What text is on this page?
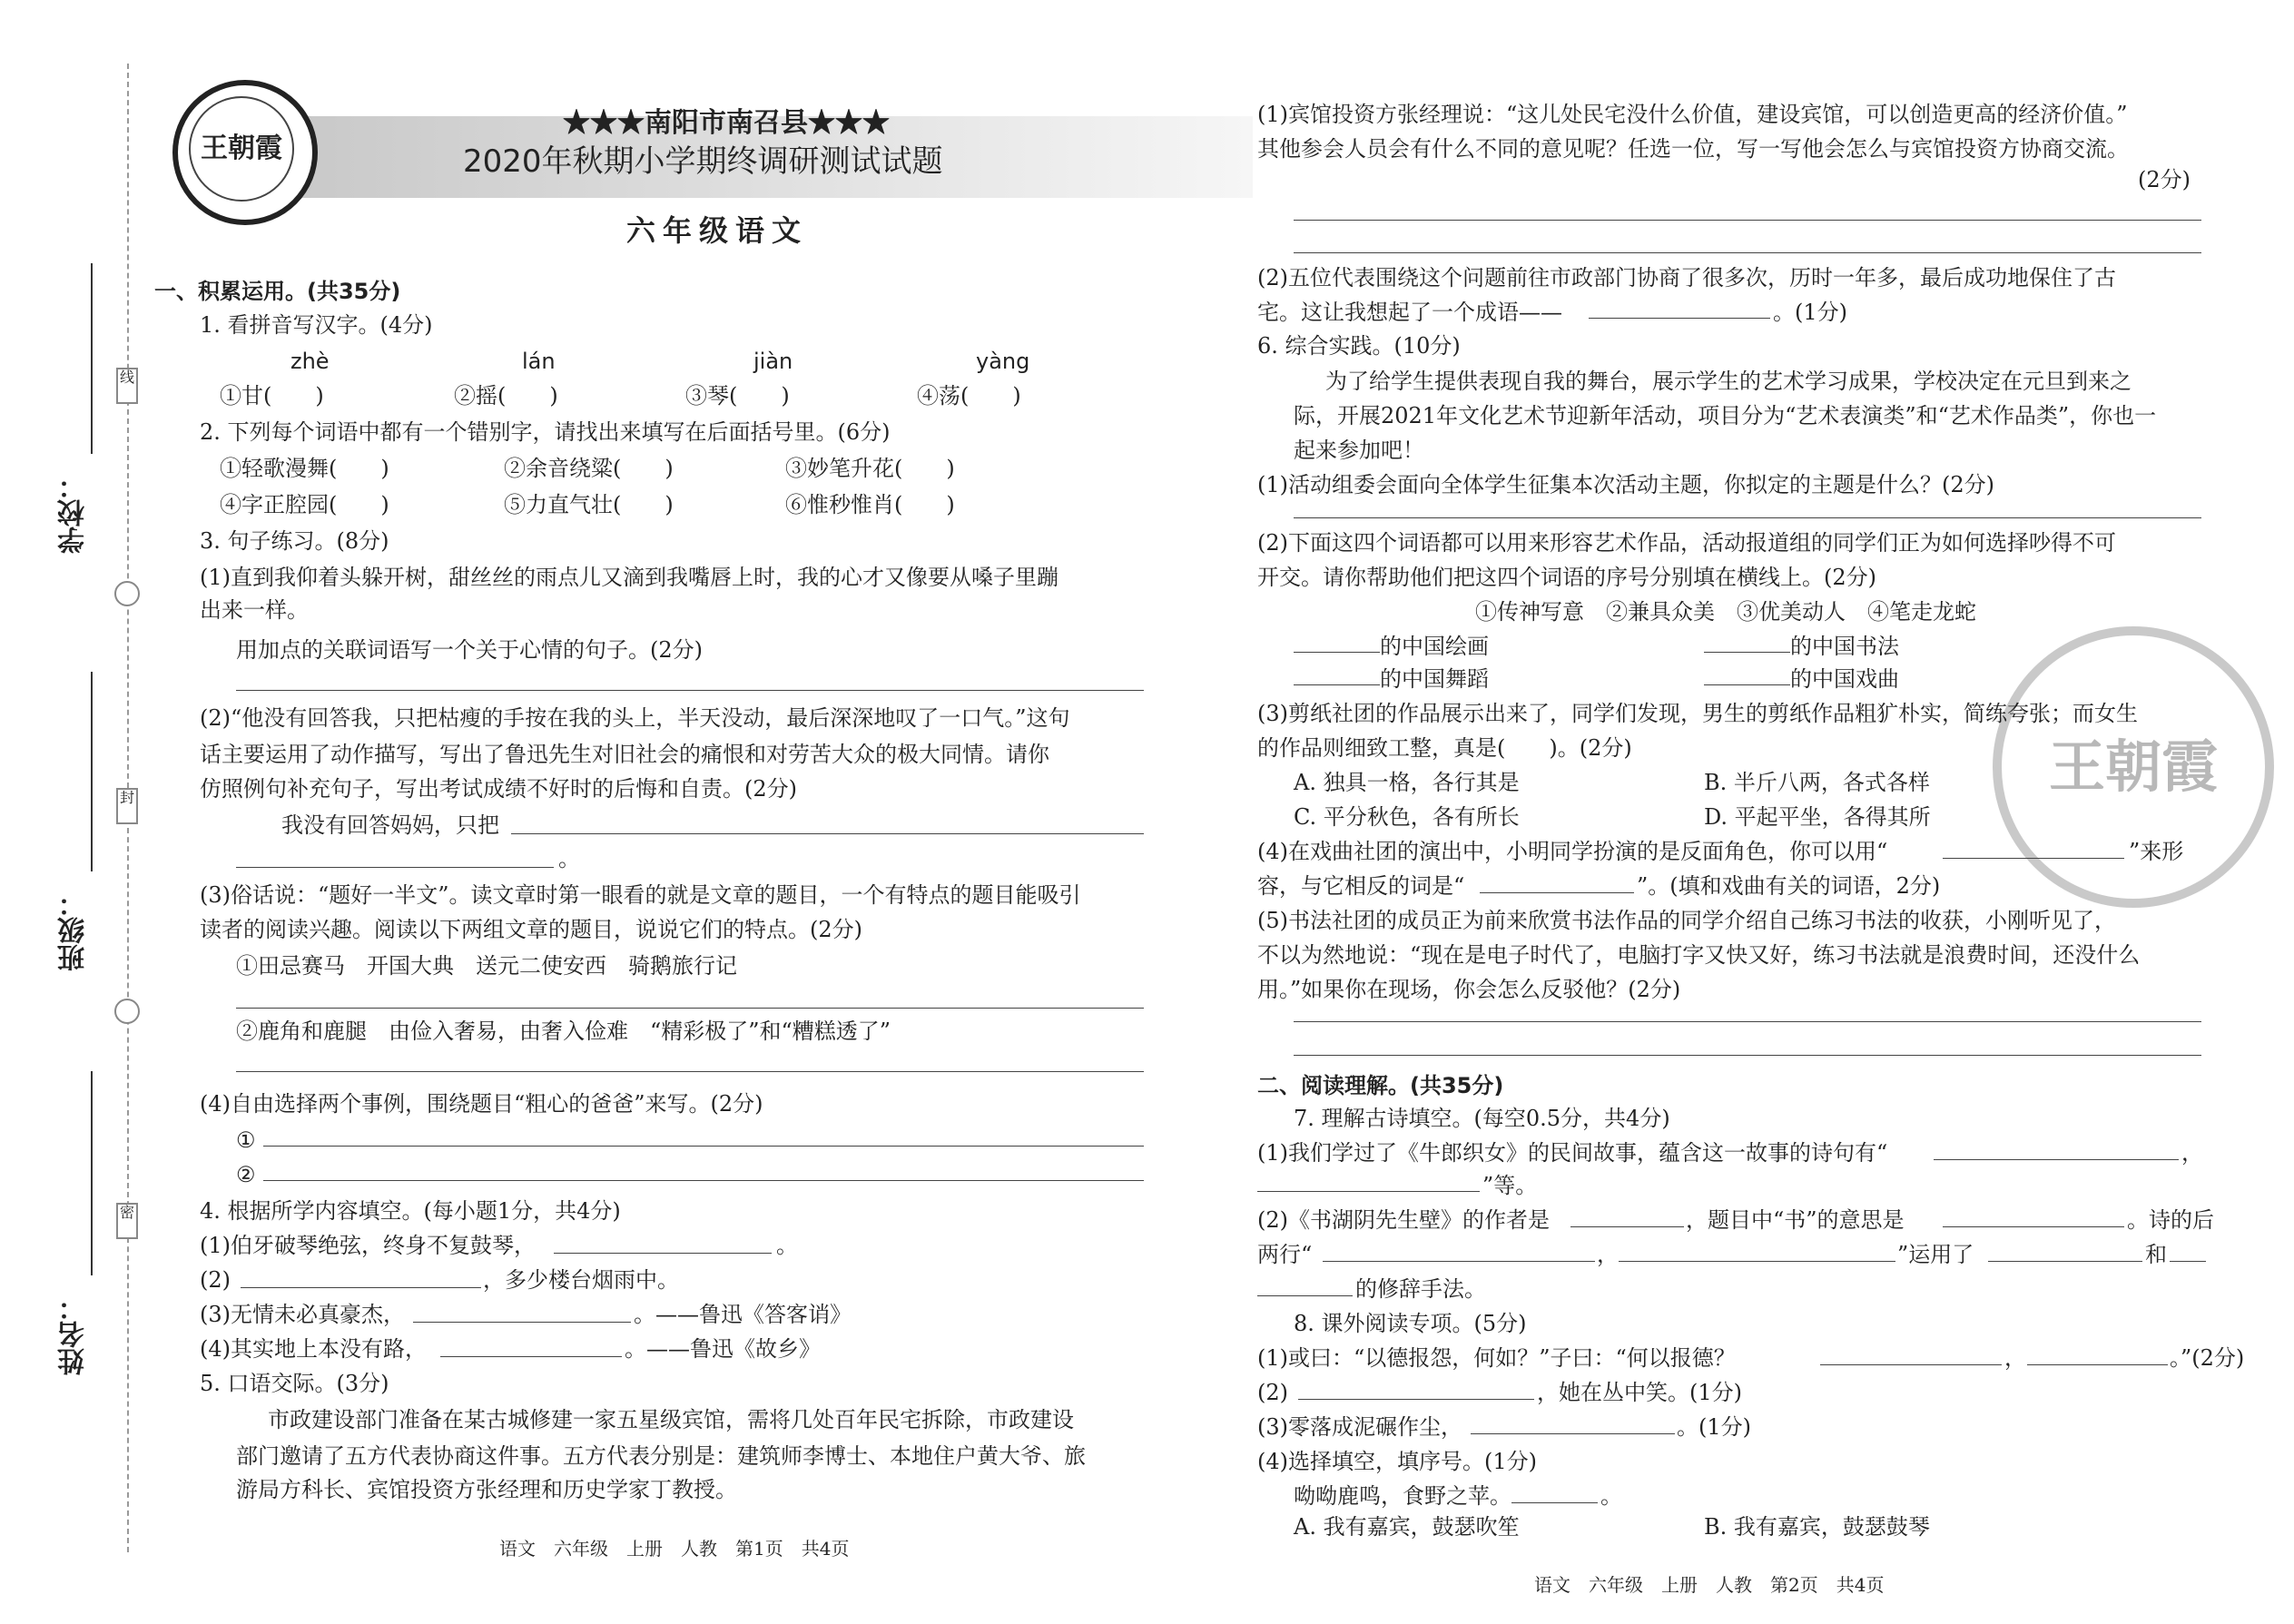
线
封
密
学校：
班级：
姓名：
王朝霞
★★★南阳市南召县★★★
2020年秋期小学期终调研测试试题
六年级语文
一、积累运用。(共35分)
1. 看拼音写汉字。(4分)
zhè	lán	jiàn	yàng
①甘(　　)	②摇(　　)	③琴(　　)	④荡(　　)
2. 下列每个词语中都有一个错别字，请找出来填写在后面括号里。(6分)
①轻歌漫舞(　　)	②余音绕粱(　　)	③妙笔升花(　　)
④字正腔园(　　)	⑤力直气壮(　　)	⑥惟秒惟肖(　　)
3. 句子练习。(8分)
(1)直到我仰着头躲开树，甜丝丝的雨点儿又滴到我嘴唇上时，我的心才又像要从嗓子里蹦
出来一样。
用加点的关联词语写一个关于心情的句子。(2分)
(2)“他没有回答我，只把枯瘦的手按在我的头上，半天没动，最后深深地叹了一口气。”这句
话主要运用了动作描写，写出了鲁迅先生对旧社会的痛恨和对劳苦大众的极大同情。请你
仿照例句补充句子，写出考试成绩不好时的后悔和自责。(2分)
我没有回答妈妈，只把
。
(3)俗话说：“题好一半文”。读文章时第一眼看的就是文章的题目，一个有特点的题目能吸引
读者的阅读兴趣。阅读以下两组文章的题目，说说它们的特点。(2分)
①田忌赛马　开国大典　送元二使安西　骑鹅旅行记
②鹿角和鹿腿　由俭入奢易，由奢入俭难　“精彩极了”和“糟糕透了”
(4)自由选择两个事例，围绕题目“粗心的爸爸”来写。(2分)
①
②
4. 根据所学内容填空。(每小题1分，共4分)
(1)伯牙破琴绝弦，终身不复鼓琴，	。
(2)	，多少楼台烟雨中。
(3)无情未必真豪杰，	。——鲁迅《答客诮》
(4)其实地上本没有路，	。——鲁迅《故乡》
5. 口语交际。(3分)
市政建设部门准备在某古城修建一家五星级宾馆，需将几处百年民宅拆除，市政建设
部门邀请了五方代表协商这件事。五方代表分别是：建筑师李博士、本地住户黄大爷、旅
游局方科长、宾馆投资方张经理和历史学家丁教授。
语文　六年级　上册　人教　第1页　共4页
王朝霞
(1)宾馆投资方张经理说：“这儿处民宅没什么价值，建设宾馆，可以创造更高的经济价值。”
其他参会人员会有什么不同的意见呢？任选一位，写一写他会怎么与宾馆投资方协商交流。
(2分)
(2)五位代表围绕这个问题前往市政部门协商了很多次，历时一年多，最后成功地保住了古
宅。这让我想起了一个成语——	。(1分)
6. 综合实践。(10分)
为了给学生提供表现自我的舞台，展示学生的艺术学习成果，学校决定在元旦到来之
际，开展2021年文化艺术节迎新年活动，项目分为“艺术表演类”和“艺术作品类”，你也一
起来参加吧！
(1)活动组委会面向全体学生征集本次活动主题，你拟定的主题是什么？(2分)
(2)下面这四个词语都可以用来形容艺术作品，活动报道组的同学们正为如何选择吵得不可
开交。请你帮助他们把这四个词语的序号分别填在横线上。(2分)
①传神写意　②兼具众美　③优美动人　④笔走龙蛇
的中国绘画	的中国书法
的中国舞蹈	的中国戏曲
(3)剪纸社团的作品展示出来了，同学们发现，男生的剪纸作品粗犷朴实，简练夸张；而女生
的作品则细致工整，真是(　　)。(2分)
A. 独具一格，各行其是	B. 半斤八两，各式各样
C. 平分秋色，各有所长	D. 平起平坐，各得其所
(4)在戏曲社团的演出中，小明同学扮演的是反面角色，你可以用“	”来形
容，与它相反的词是“	”。(填和戏曲有关的词语，2分)
(5)书法社团的成员正为前来欣赏书法作品的同学介绍自己练习书法的收获，小刚听见了，
不以为然地说：“现在是电子时代了，电脑打字又快又好，练习书法就是浪费时间，还没什么
用。”如果你在现场，你会怎么反驳他？(2分)
二、阅读理解。(共35分)
7. 理解古诗填空。(每空0.5分，共4分)
(1)我们学过了《牛郎织女》的民间故事，蕴含这一故事的诗句有“	，
”等。
(2)《书湖阴先生壁》的作者是	，题目中“书”的意思是	。诗的后
两行“	，	”运用了	和
的修辞手法。
8. 课外阅读专项。(5分)
(1)或曰：“以德报怨，何如？”子曰：“何以报德？	，	。”(2分)
(2)	，她在丛中笑。(1分)
(3)零落成泥碾作尘，	。(1分)
(4)选择填空，填序号。(1分)
呦呦鹿鸣，食野之苹。	。
A. 我有嘉宾，鼓瑟吹笙	B. 我有嘉宾，鼓瑟鼓琴
语文　六年级　上册　人教　第2页　共4页
